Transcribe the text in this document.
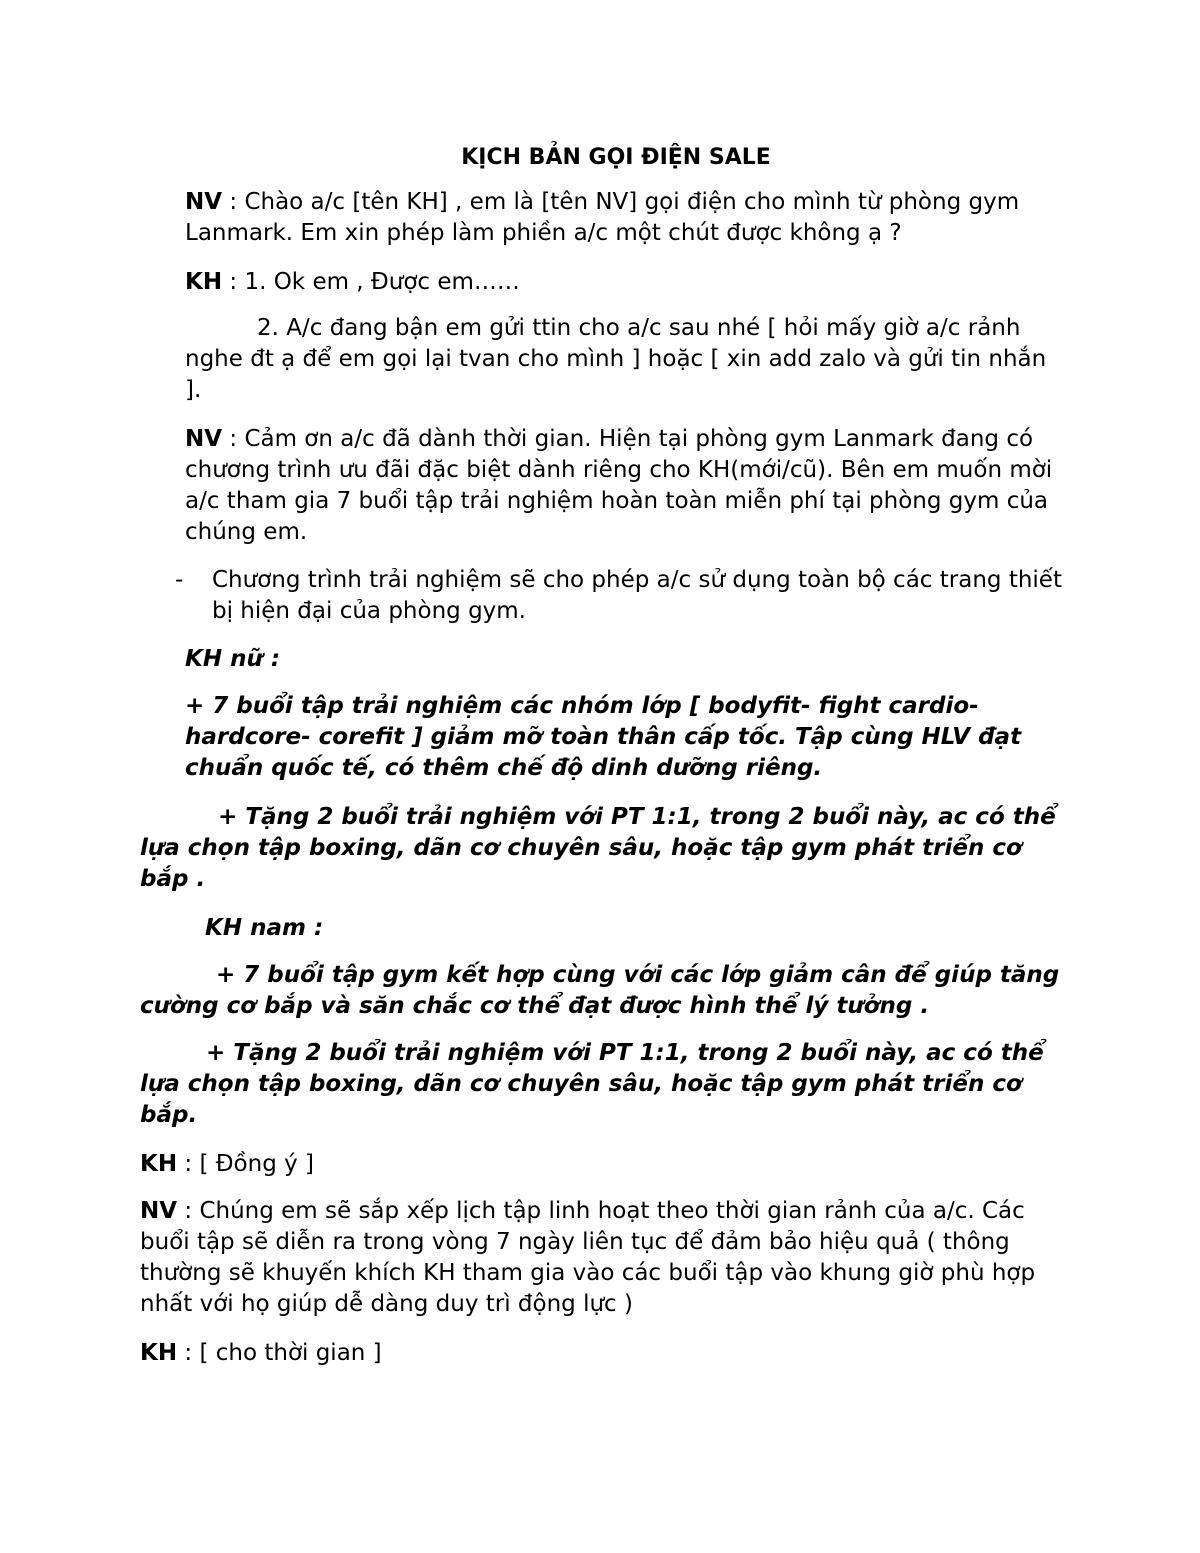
KỊCH BẢN GỌI ĐIỆN SALE

NV : Chào a/c [tên KH] , em là [tên NV] gọi điện cho mình từ phòng gym Lanmark. Em xin phép làm phiền a/c một chút được không ạ ?

KH : 1. Ok em , Được em……

2. A/c đang bận em gửi ttin cho a/c sau nhé [ hỏi mấy giờ a/c rảnh nghe đt ạ để em gọi lại tvan cho mình ] hoặc [ xin add zalo và gửi tin nhắn ].

NV : Cảm ơn a/c đã dành thời gian. Hiện tại phòng gym Lanmark đang có chương trình ưu đãi đặc biệt dành riêng cho KH(mới/cũ). Bên em muốn mời a/c tham gia 7 buổi tập trải nghiệm hoàn toàn miễn phí tại phòng gym của chúng em.

- Chương trình trải nghiệm sẽ cho phép a/c sử dụng toàn bộ các trang thiết bị hiện đại của phòng gym.

KH nữ :

+ 7 buổi tập trải nghiệm các nhóm lớp [ bodyfit- fight cardio- hardcore- corefit ] giảm mỡ toàn thân cấp tốc. Tập cùng HLV đạt chuẩn quốc tế, có thêm chế độ dinh dưỡng riêng.

+ Tặng 2 buổi trải nghiệm với PT 1:1, trong 2 buổi này, ac có thể lựa chọn tập boxing, dãn cơ chuyên sâu, hoặc tập gym phát triển cơ bắp .

KH nam :

+ 7 buổi tập gym kết hợp cùng với các lớp giảm cân để giúp tăng cường cơ bắp và săn chắc cơ thể đạt được hình thể lý tưởng .

+ Tặng 2 buổi trải nghiệm với PT 1:1, trong 2 buổi này, ac có thể lựa chọn tập boxing, dãn cơ chuyên sâu, hoặc tập gym phát triển cơ bắp.

KH : [ Đồng ý ]

NV : Chúng em sẽ sắp xếp lịch tập linh hoạt theo thời gian rảnh của a/c. Các buổi tập sẽ diễn ra trong vòng 7 ngày liên tục để đảm bảo hiệu quả ( thông thường sẽ khuyến khích KH tham gia vào các buổi tập vào khung giờ phù hợp nhất với họ giúp dễ dàng duy trì động lực )

KH : [ cho thời gian ]
